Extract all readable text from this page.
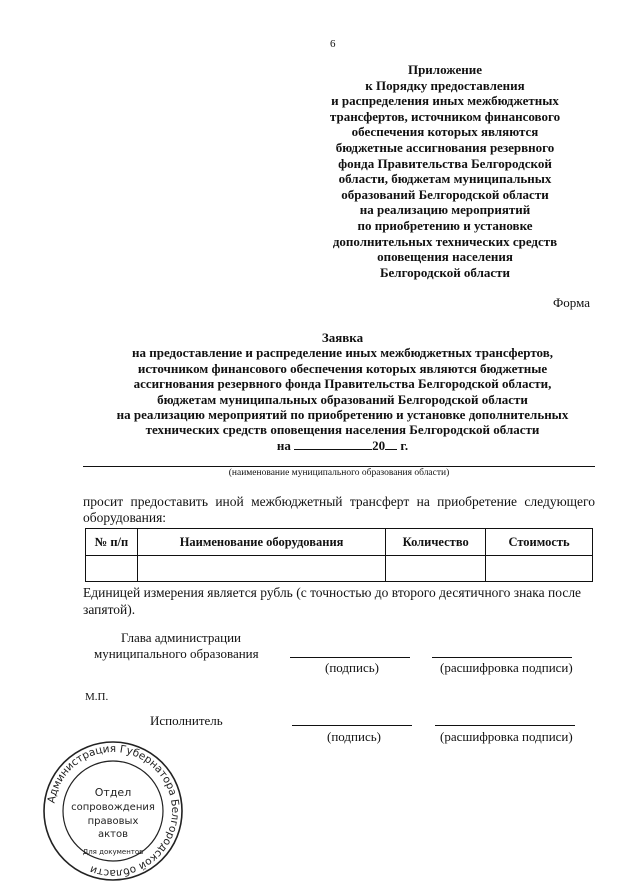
6
Приложение
к Порядку предоставления
и распределения иных межбюджетных
трансфертов, источником финансового
обеспечения которых являются
бюджетные ассигнования резервного
фонда Правительства Белгородской
области, бюджетам муниципальных
образований Белгородской области
на реализацию мероприятий
по приобретению и установке
дополнительных технических средств
оповещения населения
Белгородской области
Форма
Заявка
на предоставление и распределение иных межбюджетных трансфертов,
источником финансового обеспечения которых являются бюджетные
ассигнования резервного фонда Правительства Белгородской области,
бюджетам муниципальных образований Белгородской области
на реализацию мероприятий по приобретению и установке дополнительных
технических средств оповещения населения Белгородской области
на	20 г.
(наименование муниципального образования области)
просит предоставить иной межбюджетный трансферт на приобретение следующего оборудования:
№ п/п	Наименование оборудования	Количество	Стоимость

Единицей измерения является рубль (с точностью до второго десятичного знака после запятой).
Глава администрации
муниципального образования
(подпись)	(расшифровка подписи)
М.П.
Исполнитель
(подпись)	(расшифровка подписи)
Администрация Губернатора Белгородской области
Отдел
сопровождения
правовых
актов
Для документов
